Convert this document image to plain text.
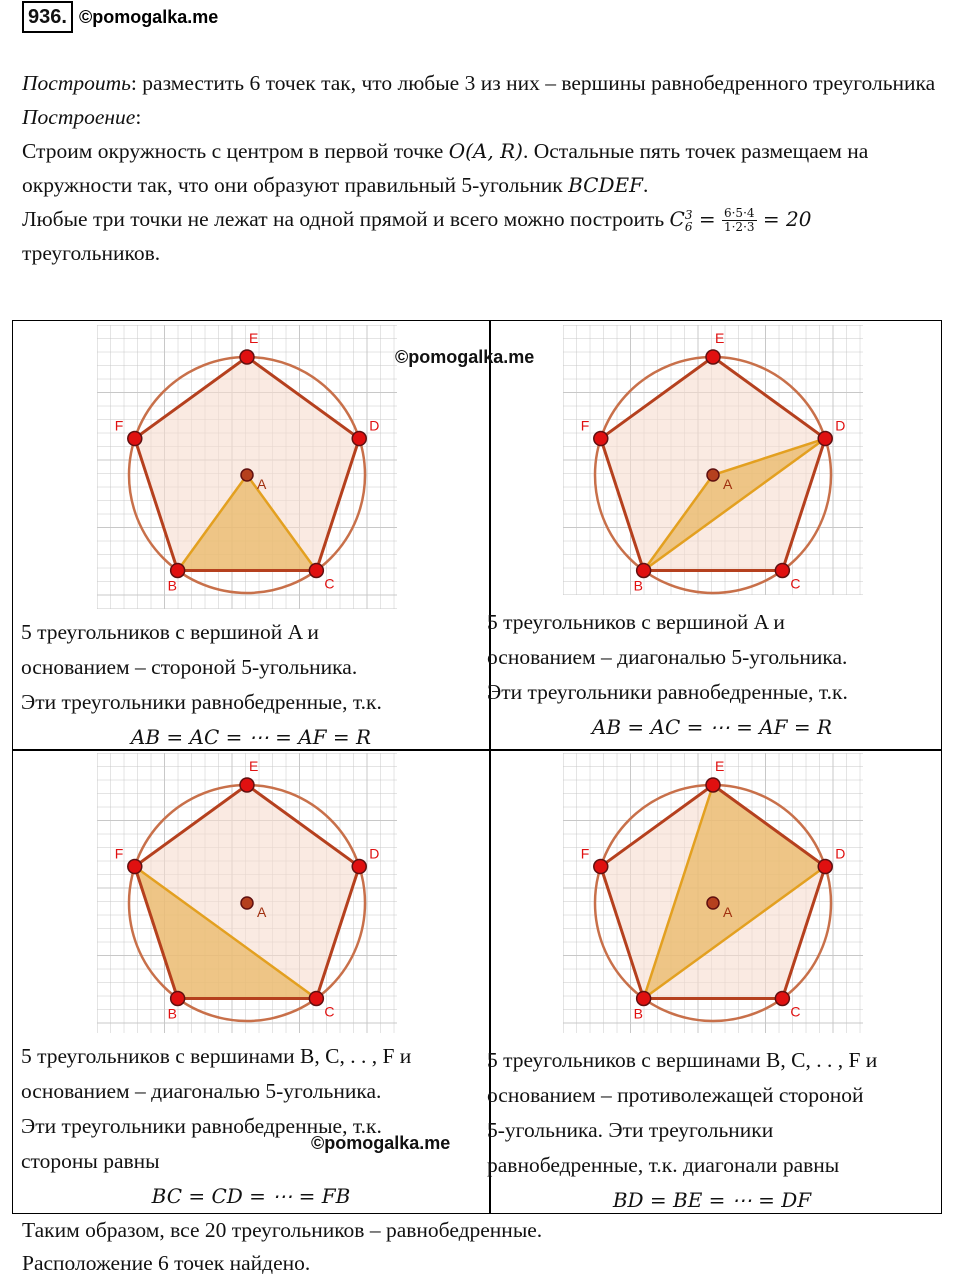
936. ©pomogalka.me

Построить: разместить 6 точек так, что любые 3 из них – вершины равнобедренного треугольника

Построение:

Строим окружность с центром в первой точке O(A, R). Остальные пять точек размещаем на окружности так, что они образуют правильный 5-угольник BCDEF.

Любые три точки не лежат на одной прямой и всего можно построить C 3
$6 = \frac{6\cdot 5\cdot 4}{1\cdot 2\cdot 3} = 20$ треугольников.

E
D
C
B
F
A
E
D
C
B
F
A
E
D
C
B
F
A
E
D
C
B
F
A
©pomogalka.me

5 треугольников с вершиной A и

основанием – стороной 5-угольника.

Эти треугольники равнобедренные, т.к.

AB = AC = ⋯ = AF = R

5 треугольников с вершиной A и

основанием – диагональю 5-угольника.

Эти треугольники равнобедренные, т.к.

AB = AC = ⋯ = AF = R

5 треугольников с вершинами B, C, . . , F и

основанием – диагональю 5-угольника.

Эти треугольники равнобедренные, т.к.

стороны равны

BC = CD = ⋯ = FB

5 треугольников с вершинами B, C, . . , F и

основанием – противолежащей стороной

5-угольника. Эти треугольники

равнобедренные, т.к. диагонали равны

BD = BE = ⋯ = DF

©pomogalka.me

Таким образом, все 20 треугольников – равнобедренные.

Расположение 6 точек найдено.
